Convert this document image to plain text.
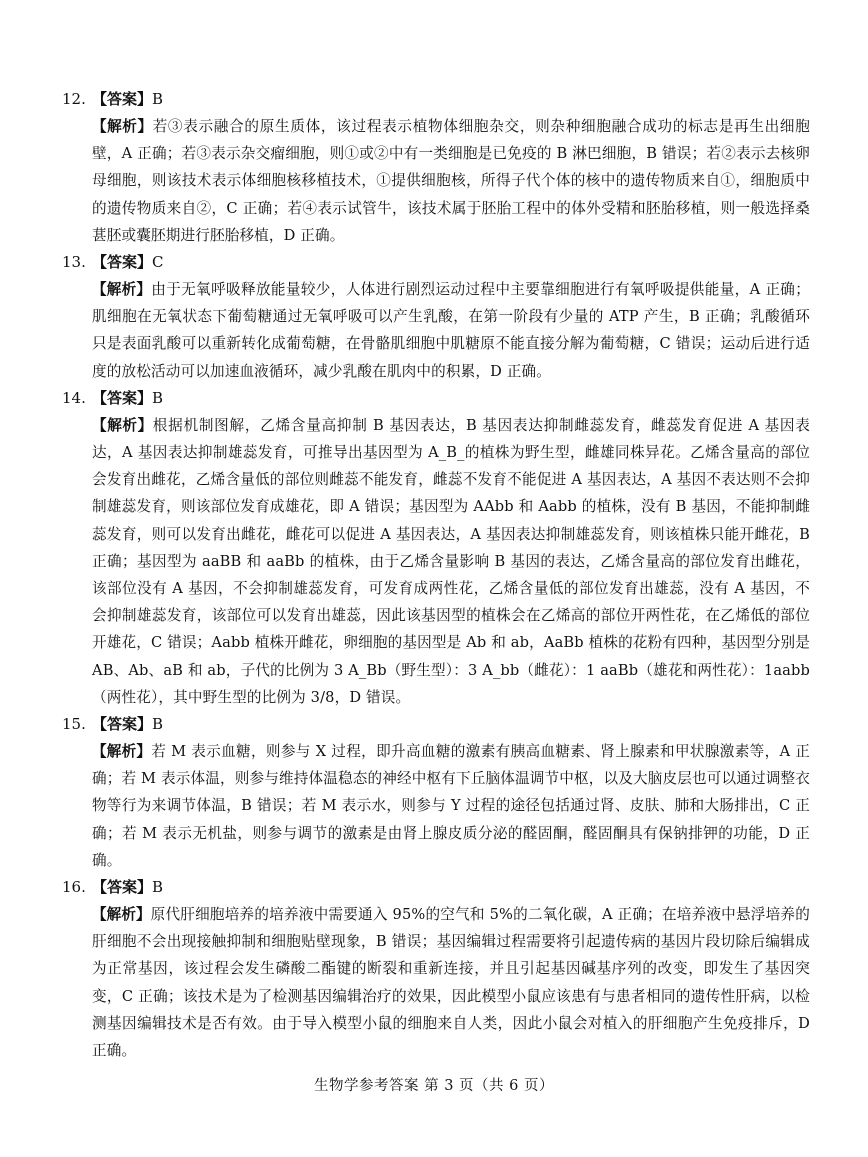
12. 【答案】B
【解析】若③表示融合的原生质体，该过程表示植物体细胞杂交，则杂种细胞融合成功的标志是再生出细胞壁，A 正确；若③表示杂交瘤细胞，则①或②中有一类细胞是已免疫的 B 淋巴细胞，B 错误；若②表示去核卵母细胞，则该技术表示体细胞核移植技术，①提供细胞核，所得子代个体的核中的遗传物质来自①，细胞质中的遗传物质来自②，C 正确；若④表示试管牛，该技术属于胚胎工程中的体外受精和胚胎移植，则一般选择桑葚胚或囊胚期进行胚胎移植，D 正确。
13. 【答案】C
【解析】由于无氧呼吸释放能量较少，人体进行剧烈运动过程中主要靠细胞进行有氧呼吸提供能量，A 正确；肌细胞在无氧状态下葡萄糖通过无氧呼吸可以产生乳酸，在第一阶段有少量的 ATP 产生，B 正确；乳酸循环只是表面乳酸可以重新转化成葡萄糖，在骨骼肌细胞中肌糖原不能直接分解为葡萄糖，C 错误；运动后进行适度的放松活动可以加速血液循环，减少乳酸在肌肉中的积累，D 正确。
14. 【答案】B
【解析】根据机制图解，乙烯含量高抑制 B 基因表达，B 基因表达抑制雌蕊发育，雌蕊发育促进 A 基因表达，A 基因表达抑制雄蕊发育，可推导出基因型为 A_B_的植株为野生型，雌雄同株异花。乙烯含量高的部位会发育出雌花，乙烯含量低的部位则雌蕊不能发育，雌蕊不发育不能促进 A 基因表达，A 基因不表达则不会抑制雄蕊发育，则该部位发育成雄花，即 A 错误；基因型为 AAbb 和 Aabb 的植株，没有 B 基因，不能抑制雌蕊发育，则可以发育出雌花，雌花可以促进 A 基因表达，A 基因表达抑制雄蕊发育，则该植株只能开雌花，B 正确；基因型为 aaBB 和 aaBb 的植株，由于乙烯含量影响 B 基因的表达，乙烯含量高的部位发育出雌花，该部位没有 A 基因，不会抑制雄蕊发育，可发育成两性花，乙烯含量低的部位发育出雄蕊，没有 A 基因，不会抑制雄蕊发育，该部位可以发育出雄蕊，因此该基因型的植株会在乙烯高的部位开两性花，在乙烯低的部位开雄花，C 错误；Aabb 植株开雌花，卵细胞的基因型是 Ab 和 ab，AaBb 植株的花粉有四种，基因型分别是 AB、Ab、aB 和 ab，子代的比例为 3 A_Bb（野生型）：3 A_bb（雌花）：1 aaBb（雄花和两性花）：1aabb（两性花），其中野生型的比例为 3/8，D 错误。
15. 【答案】B
【解析】若 M 表示血糖，则参与 X 过程，即升高血糖的激素有胰高血糖素、肾上腺素和甲状腺激素等，A 正确；若 M 表示体温，则参与维持体温稳态的神经中枢有下丘脑体温调节中枢，以及大脑皮层也可以通过调整衣物等行为来调节体温，B 错误；若 M 表示水，则参与 Y 过程的途径包括通过肾、皮肤、肺和大肠排出，C 正确；若 M 表示无机盐，则参与调节的激素是由肾上腺皮质分泌的醛固酮，醛固酮具有保钠排钾的功能，D 正确。
16. 【答案】B
【解析】原代肝细胞培养的培养液中需要通入 95%的空气和 5%的二氧化碳，A 正确；在培养液中悬浮培养的肝细胞不会出现接触抑制和细胞贴壁现象，B 错误；基因编辑过程需要将引起遗传病的基因片段切除后编辑成为正常基因，该过程会发生磷酸二酯键的断裂和重新连接，并且引起基因碱基序列的改变，即发生了基因突变，C 正确；该技术是为了检测基因编辑治疗的效果，因此模型小鼠应该患有与患者相同的遗传性肝病，以检测基因编辑技术是否有效。由于导入模型小鼠的细胞来自人类，因此小鼠会对植入的肝细胞产生免疫排斥，D 正确。
生物学参考答案 第 3 页（共 6 页）
